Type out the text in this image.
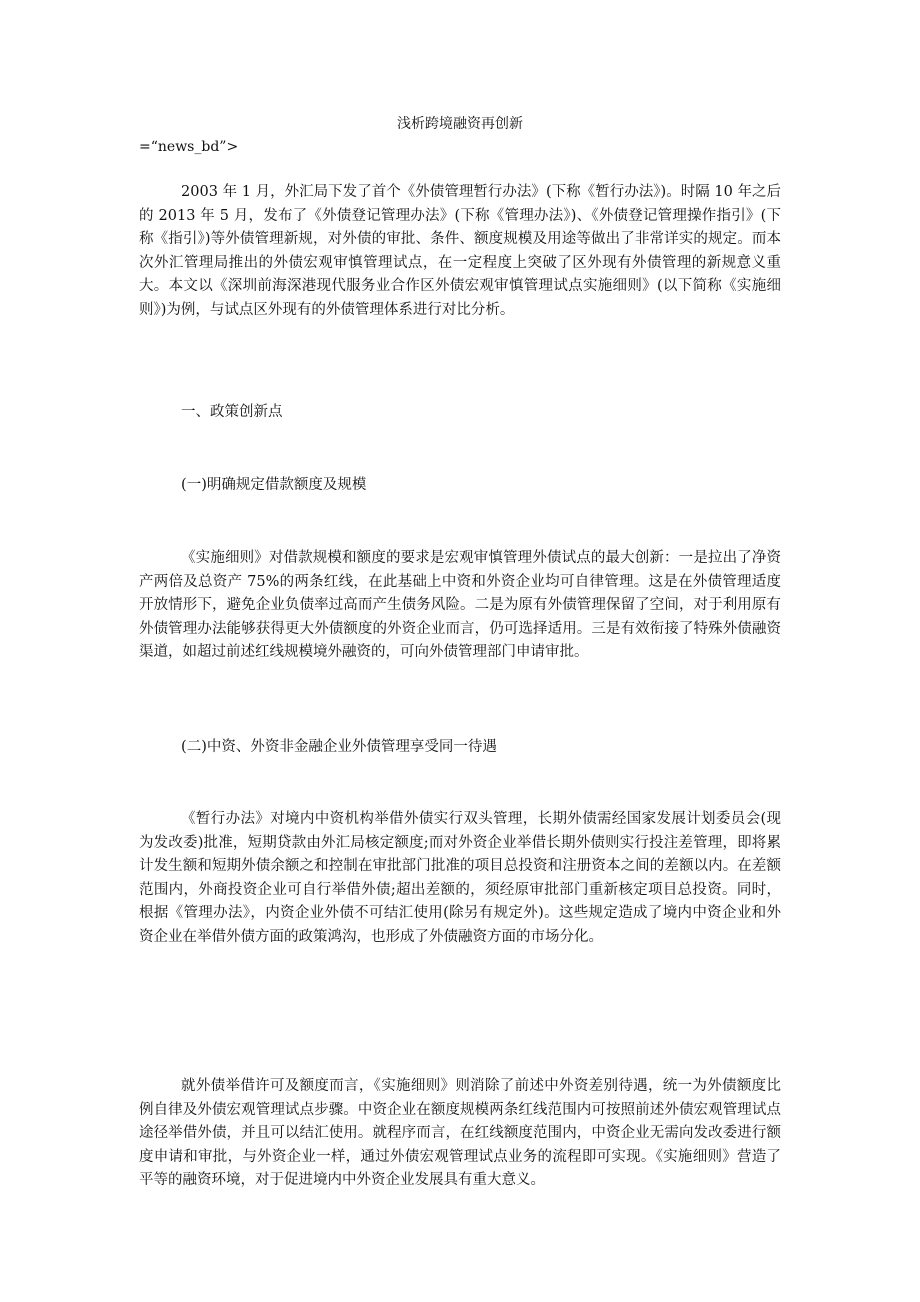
浅析跨境融资再创新
=“news_bd”>

2003 年 1 月，外汇局下发了首个《外债管理暂行办法》(下称《暂行办法》)。时隔 10 年之后的 2013 年 5 月，发布了《外债登记管理办法》(下称《管理办法》)、《外债登记管理操作指引》(下称《指引》)等外债管理新规，对外债的审批、条件、额度规模及用途等做出了非常详实的规定。而本次外汇管理局推出的外债宏观审慎管理试点，在一定程度上突破了区外现有外债管理的新规意义重大。本文以《深圳前海深港现代服务业合作区外债宏观审慎管理试点实施细则》(以下简称《实施细则》)为例，与试点区外现有的外债管理体系进行对比分析。

一、政策创新点

(一)明确规定借款额度及规模

《实施细则》对借款规模和额度的要求是宏观审慎管理外债试点的最大创新：一是拉出了净资产两倍及总资产 75%的两条红线，在此基础上中资和外资企业均可自律管理。这是在外债管理适度开放情形下，避免企业负债率过高而产生债务风险。二是为原有外债管理保留了空间，对于利用原有外债管理办法能够获得更大外债额度的外资企业而言，仍可选择适用。三是有效衔接了特殊外债融资渠道，如超过前述红线规模境外融资的，可向外债管理部门申请审批。

(二)中资、外资非金融企业外债管理享受同一待遇

《暂行办法》对境内中资机构举借外债实行双头管理，长期外债需经国家发展计划委员会(现为发改委)批准，短期贷款由外汇局核定额度;而对外资企业举借长期外债则实行投注差管理，即将累计发生额和短期外债余额之和控制在审批部门批准的项目总投资和注册资本之间的差额以内。在差额范围内，外商投资企业可自行举借外债;超出差额的，须经原审批部门重新核定项目总投资。同时，根据《管理办法》，内资企业外债不可结汇使用(除另有规定外)。这些规定造成了境内中资企业和外资企业在举借外债方面的政策鸿沟，也形成了外债融资方面的市场分化。

就外债举借许可及额度而言，《实施细则》则消除了前述中外资差别待遇，统一为外债额度比例自律及外债宏观管理试点步骤。中资企业在额度规模两条红线范围内可按照前述外债宏观管理试点途径举借外债，并且可以结汇使用。就程序而言，在红线额度范围内，中资企业无需向发改委进行额度申请和审批，与外资企业一样，通过外债宏观管理试点业务的流程即可实现。《实施细则》营造了平等的融资环境，对于促进境内中外资企业发展具有重大意义。
